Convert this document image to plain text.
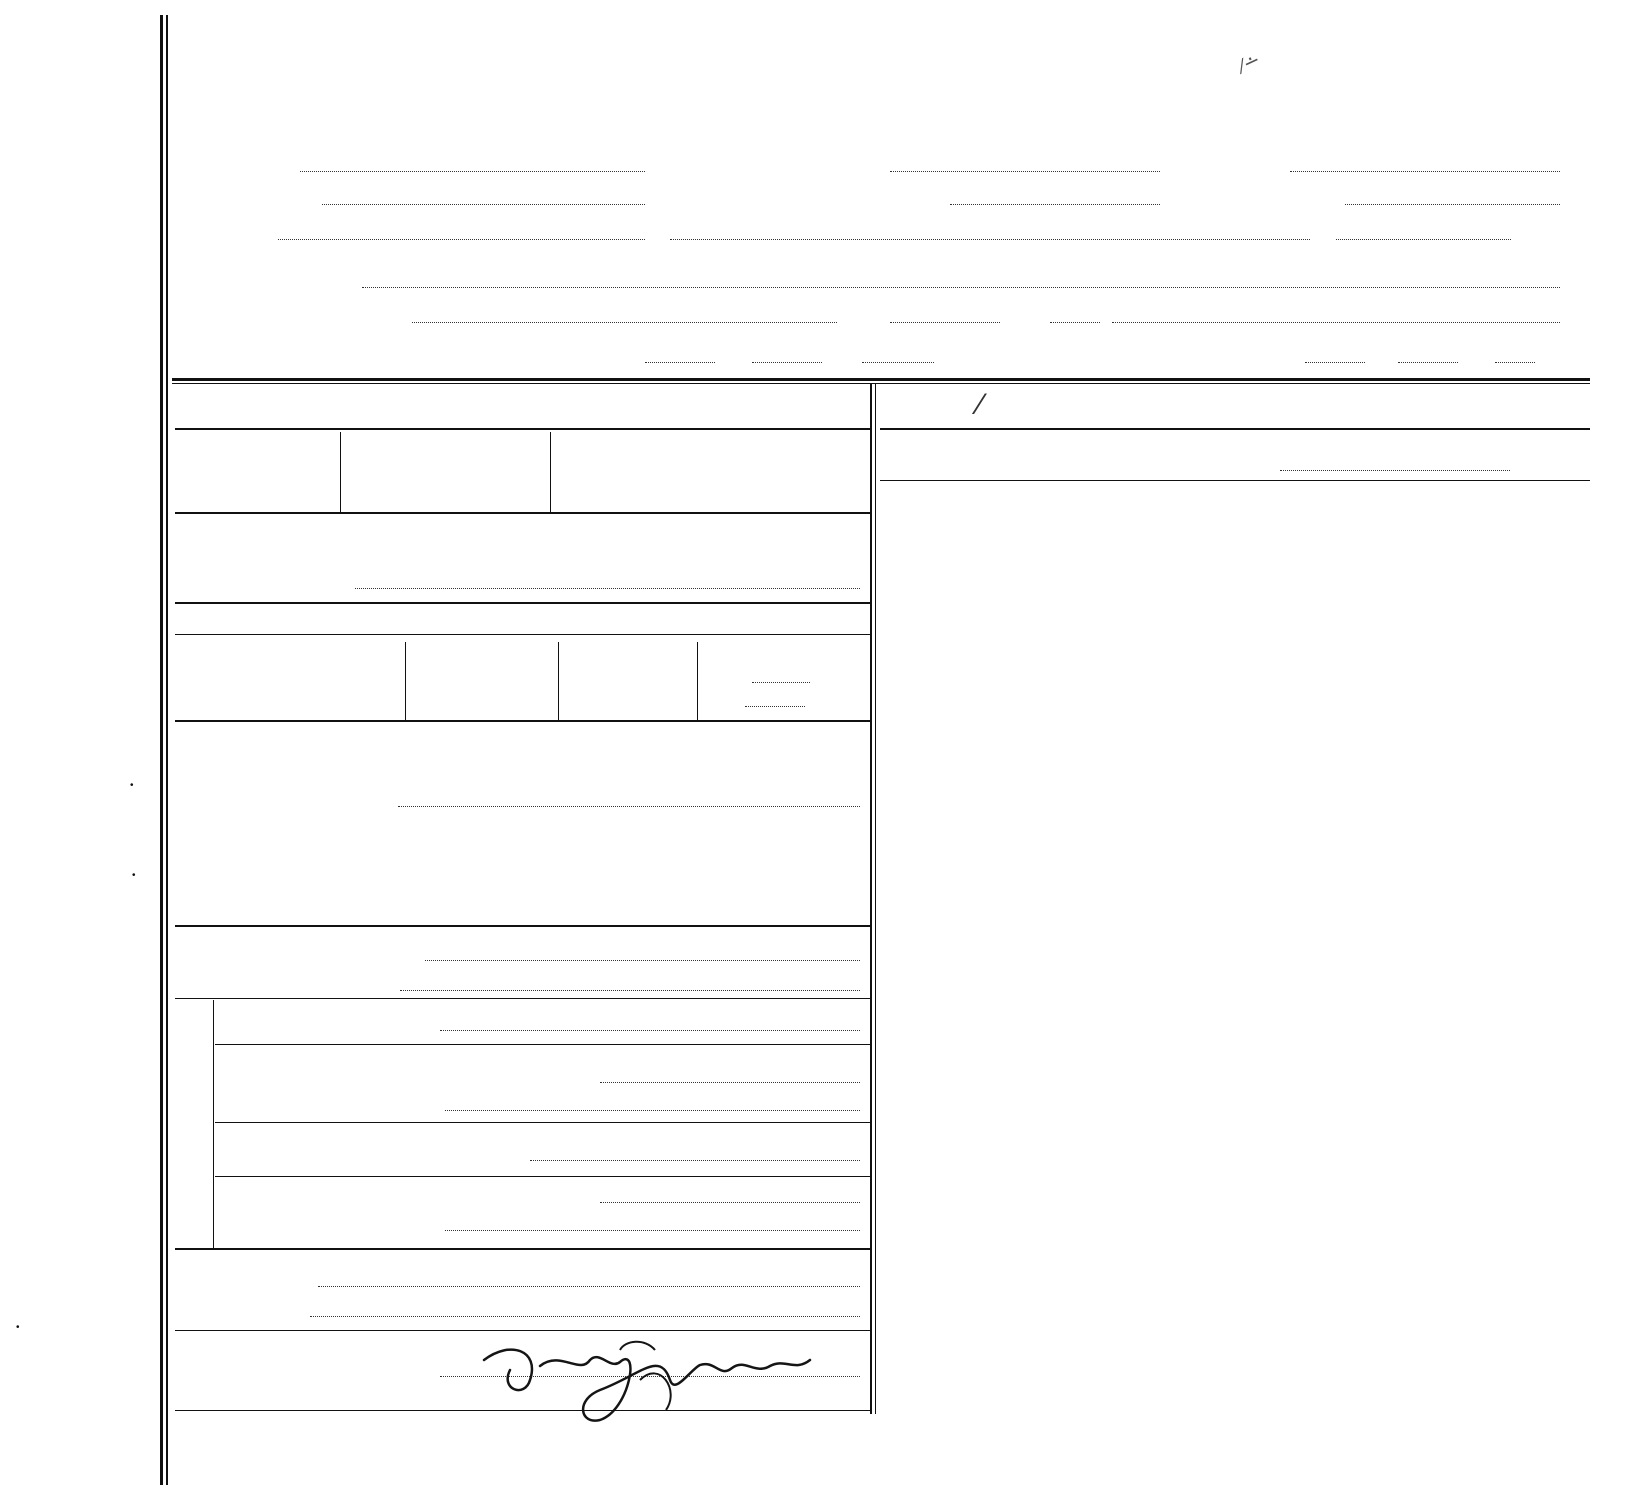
•
•
•
⁄∸
⁄
